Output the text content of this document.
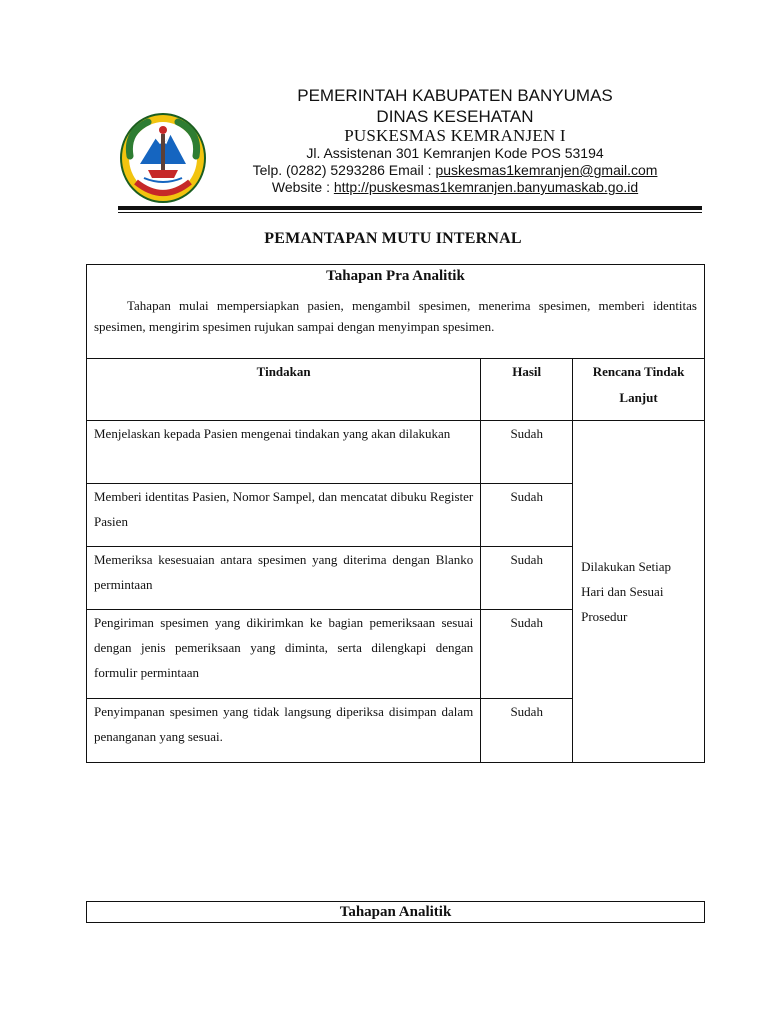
PEMERINTAH KABUPATEN BANYUMAS
DINAS KESEHATAN
PUSKESMAS KEMRANJEN I
Jl. Assistenan 301 Kemranjen Kode POS 53194
Telp. (0282) 5293286 Email : puskesmas1kemranjen@gmail.com
Website : http://puskesmas1kemranjen.banyumaskab.go.id
PEMANTAPAN MUTU INTERNAL
Tahapan Pra Analitik
Tahapan mulai mempersiapkan pasien, mengambil spesimen, menerima spesimen, memberi identitas spesimen, mengirim spesimen rujukan sampai dengan menyimpan spesimen.		

Tindakan	Hasil	Rencana Tindak
Lanjut

Menjelaskan kepada Pasien mengenai tindakan yang akan dilakukan	Sudah	Dilakukan Setiap Hari dan Sesuai Prosedur
Memberi identitas Pasien, Nomor Sampel, dan mencatat dibuku Register Pasien	Sudah	
Memeriksa kesesuaian antara spesimen yang diterima dengan Blanko permintaan	Sudah	
Pengiriman spesimen yang dikirimkan ke bagian pemeriksaan sesuai dengan jenis pemeriksaan yang diminta, serta dilengkapi dengan formulir permintaan	Sudah	
Penyimpanan spesimen yang tidak langsung diperiksa disimpan dalam penanganan yang sesuai.	Sudah	
Tahapan Analitik
